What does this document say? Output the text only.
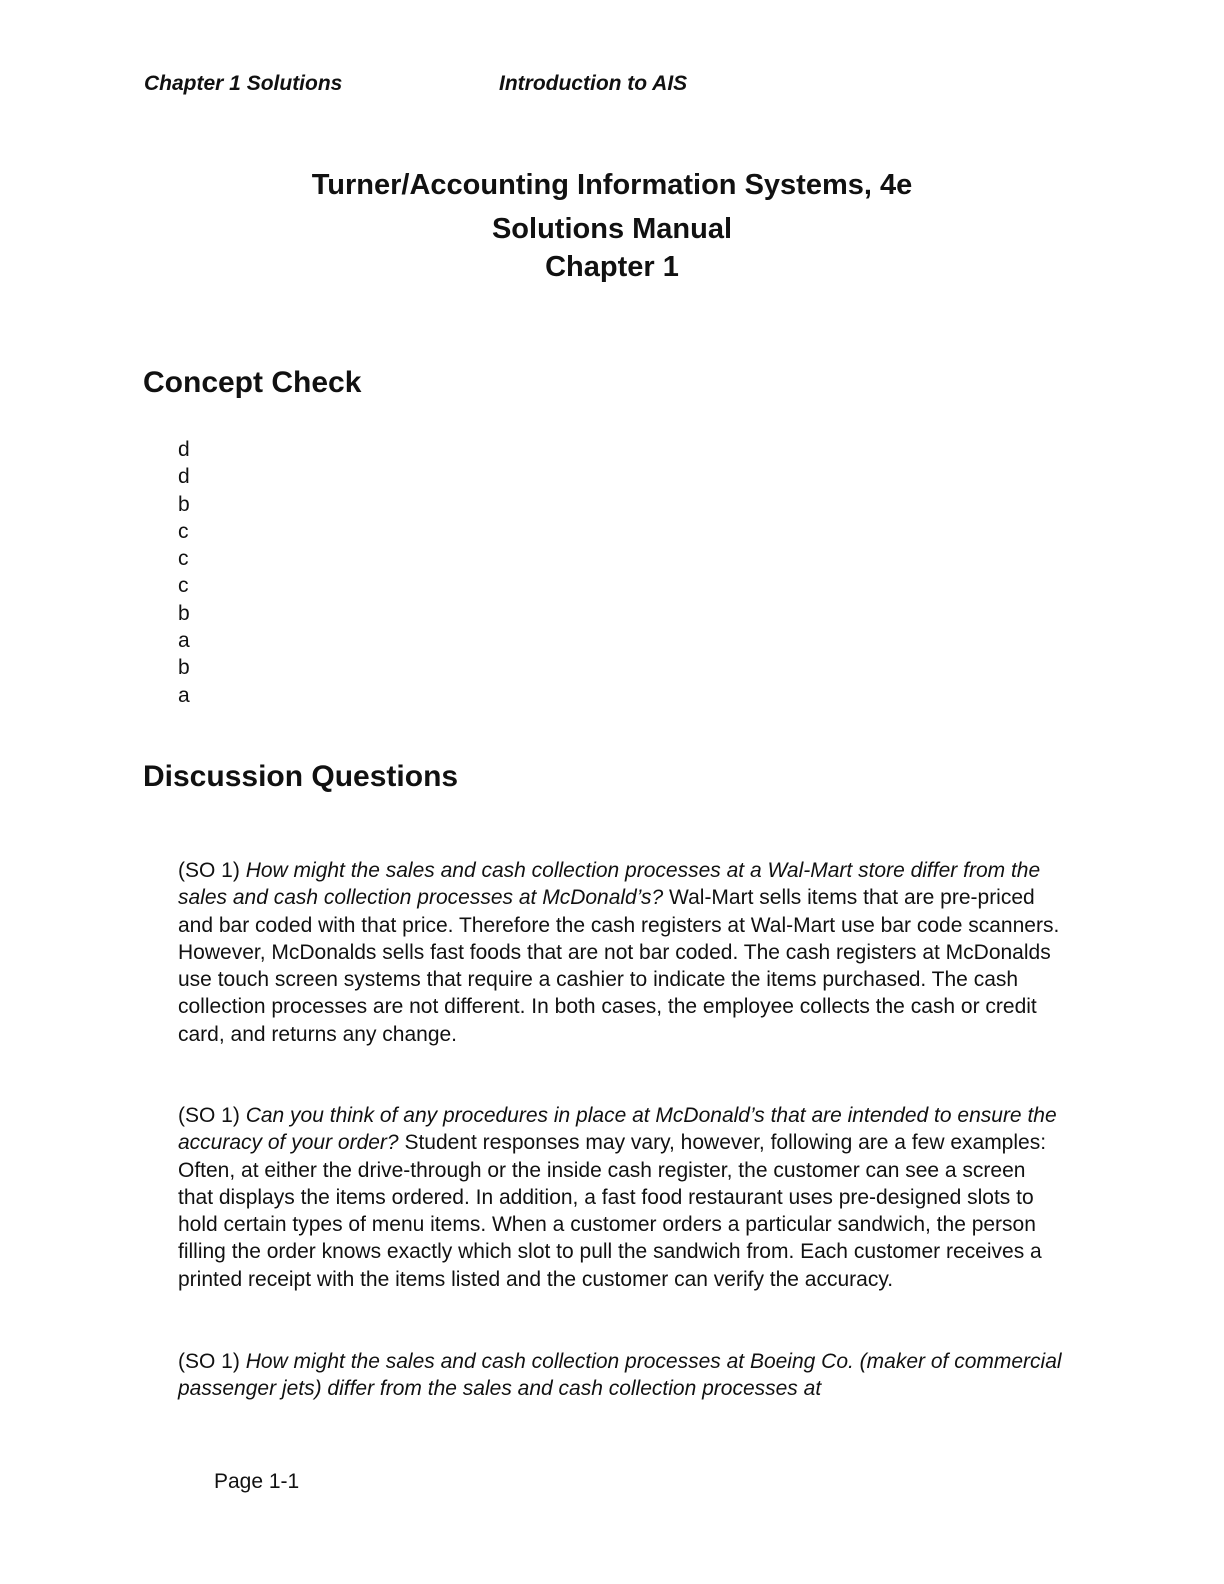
Chapter 1 Solutions	Introduction to AIS
Turner/Accounting Information Systems, 4e
Solutions Manual
Chapter 1
Concept Check
d
d
b
c
c
c
b
a
b
a
Discussion Questions

(SO 1) How might the sales and cash collection processes at a Wal-Mart store differ from the sales and cash collection processes at McDonald’s? Wal-Mart sells items that are pre-priced and bar coded with that price. Therefore the cash registers at Wal-Mart use bar code scanners. However, McDonalds sells fast foods that are not bar coded. The cash registers at McDonalds use touch screen systems that require a cashier to indicate the items purchased. The cash collection processes are not different. In both cases, the employee collects the cash or credit card, and returns any change.

(SO 1) Can you think of any procedures in place at McDonald’s that are intended to ensure the accuracy of your order? Student responses may vary, however, following are a few examples: Often, at either the drive-through or the inside cash register, the customer can see a screen that displays the items ordered. In addition, a fast food restaurant uses pre-designed slots to hold certain types of menu items. When a customer orders a particular sandwich, the person filling the order knows exactly which slot to pull the sandwich from. Each customer receives a printed receipt with the items listed and the customer can verify the accuracy.

(SO 1) How might the sales and cash collection processes at Boeing Co. (maker of commercial passenger jets) differ from the sales and cash collection processes at

Page 1-1
